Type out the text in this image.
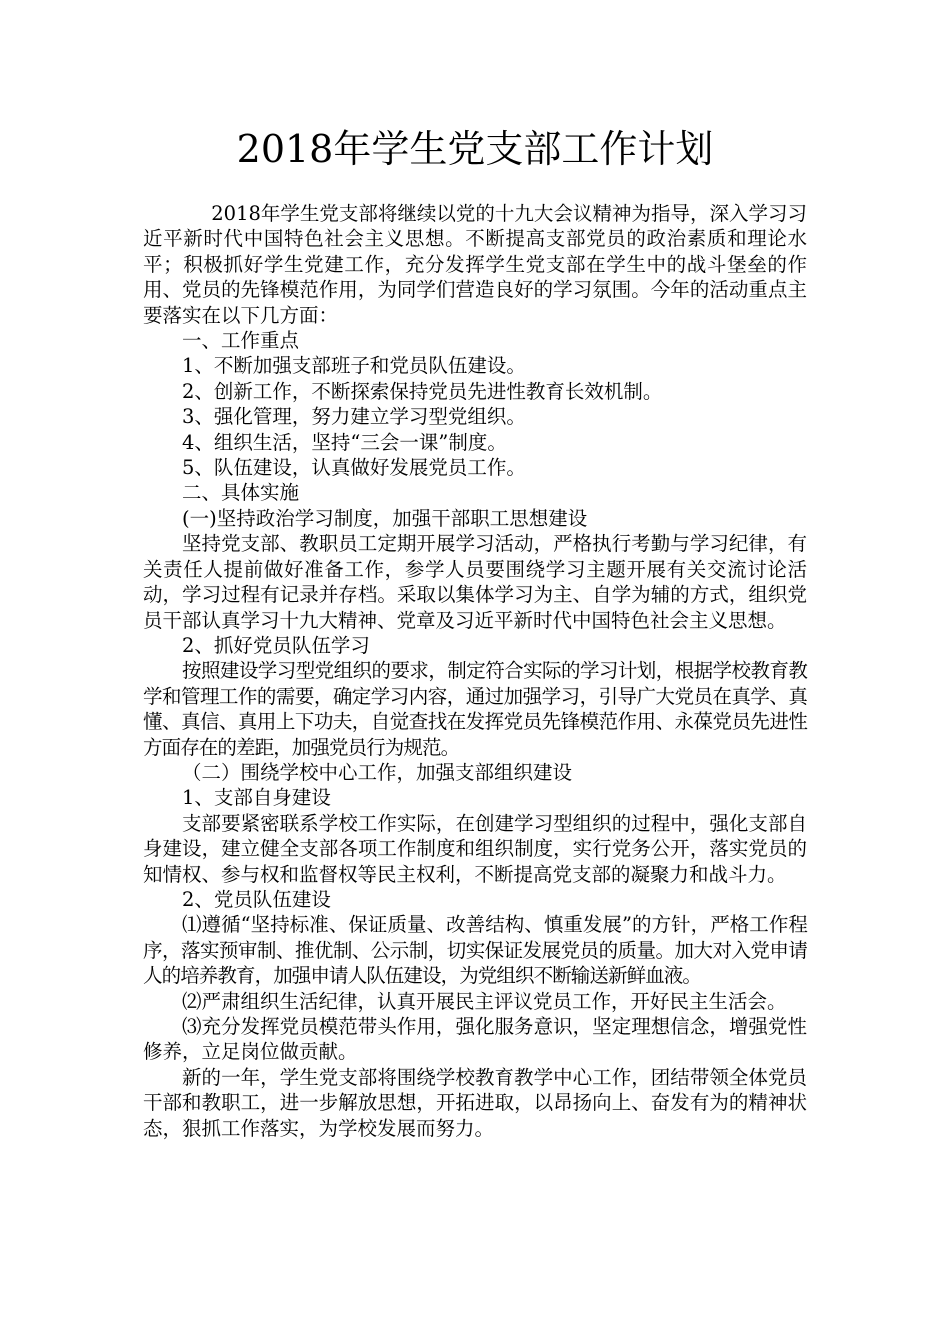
2018年学生党支部工作计划

2018年学生党支部将继续以党的十九大会议精神为指导，深入学习习近平新时代中国特色社会主义思想。不断提高支部党员的政治素质和理论水平；积极抓好学生党建工作，充分发挥学生党支部在学生中的战斗堡垒的作用、党员的先锋模范作用，为同学们营造良好的学习氛围。今年的活动重点主要落实在以下几方面：

一、工作重点

1、不断加强支部班子和党员队伍建设。

2、创新工作，不断探索保持党员先进性教育长效机制。

3、强化管理，努力建立学习型党组织。

4、组织生活，坚持“三会一课”制度。

5、队伍建设，认真做好发展党员工作。

二、具体实施

(一)坚持政治学习制度，加强干部职工思想建设

坚持党支部、教职员工定期开展学习活动，严格执行考勤与学习纪律，有关责任人提前做好准备工作，参学人员要围绕学习主题开展有关交流讨论活动，学习过程有记录并存档。采取以集体学习为主、自学为辅的方式，组织党员干部认真学习十九大精神、党章及习近平新时代中国特色社会主义思想。

2、抓好党员队伍学习

按照建设学习型党组织的要求，制定符合实际的学习计划，根据学校教育教学和管理工作的需要，确定学习内容，通过加强学习，引导广大党员在真学、真懂、真信、真用上下功夫，自觉查找在发挥党员先锋模范作用、永葆党员先进性方面存在的差距，加强党员行为规范。

（二）围绕学校中心工作，加强支部组织建设

1、支部自身建设

支部要紧密联系学校工作实际，在创建学习型组织的过程中，强化支部自身建设，建立健全支部各项工作制度和组织制度，实行党务公开，落实党员的知情权、参与权和监督权等民主权利，不断提高党支部的凝聚力和战斗力。

2、党员队伍建设

⑴遵循“坚持标准、保证质量、改善结构、慎重发展”的方针，严格工作程序，落实预审制、推优制、公示制，切实保证发展党员的质量。加大对入党申请人的培养教育，加强申请人队伍建设，为党组织不断输送新鲜血液。

⑵严肃组织生活纪律，认真开展民主评议党员工作，开好民主生活会。

⑶充分发挥党员模范带头作用，强化服务意识，坚定理想信念，增强党性修养，立足岗位做贡献。

新的一年，学生党支部将围绕学校教育教学中心工作，团结带领全体党员干部和教职工，进一步解放思想，开拓进取，以昂扬向上、奋发有为的精神状态，狠抓工作落实，为学校发展而努力。
